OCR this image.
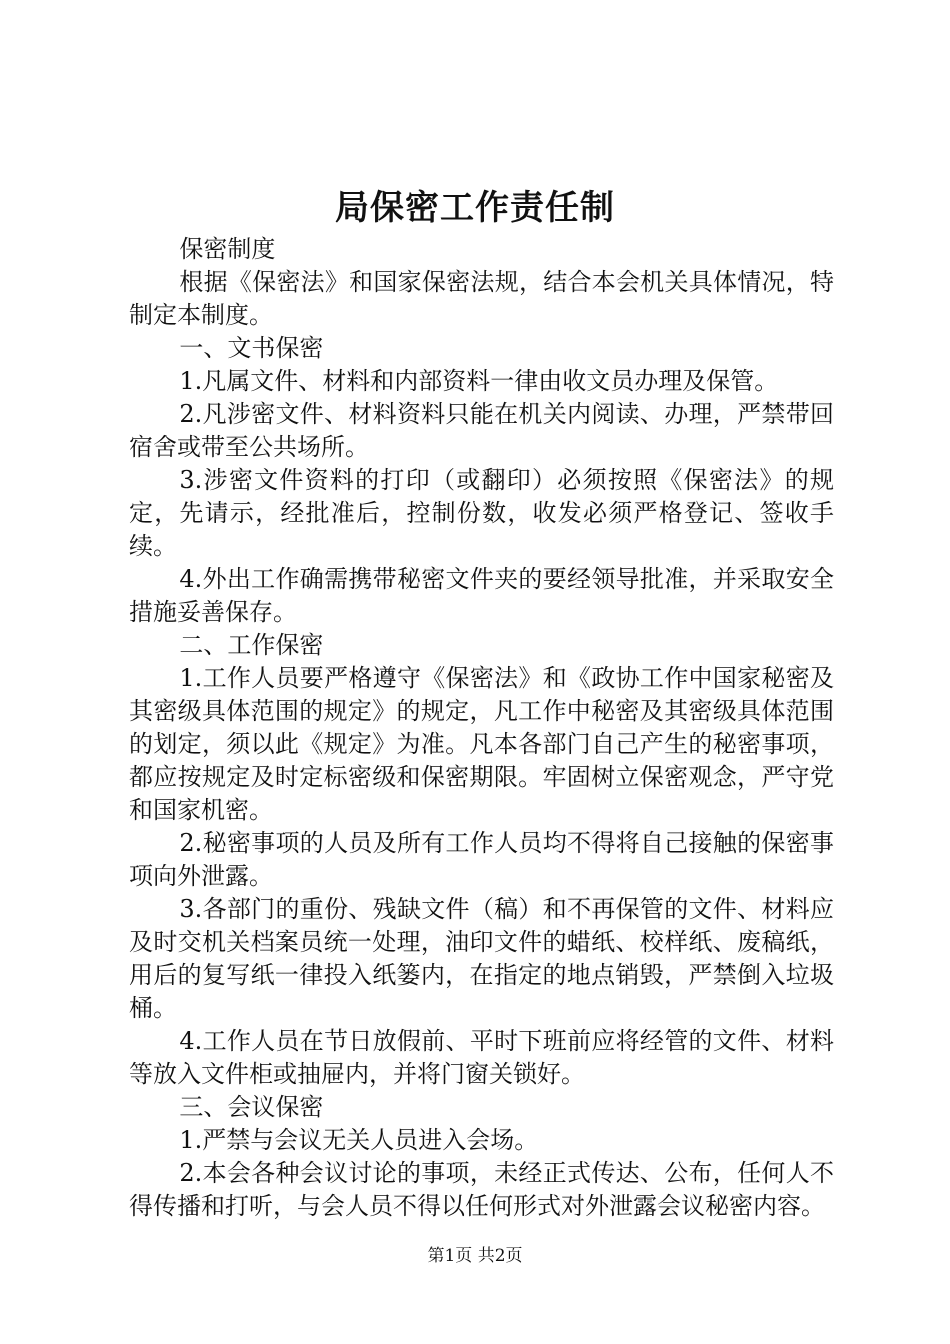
局保密工作责任制

保密制度

根据《保密法》和国家保密法规，结合本会机关具体情况，特制定本制度。

一、文书保密

1.凡属文件、材料和内部资料一律由收文员办理及保管。

2.凡涉密文件、材料资料只能在机关内阅读、办理，严禁带回宿舍或带至公共场所。

3.涉密文件资料的打印（或翻印）必须按照《保密法》的规定，先请示，经批准后，控制份数，收发必须严格登记、签收手续。

4.外出工作确需携带秘密文件夹的要经领导批准，并采取安全措施妥善保存。

二、工作保密

1.工作人员要严格遵守《保密法》和《政协工作中国家秘密及其密级具体范围的规定》的规定，凡工作中秘密及其密级具体范围的划定，须以此《规定》为准。凡本各部门自己产生的秘密事项，都应按规定及时定标密级和保密期限。牢固树立保密观念，严守党和国家机密。

2.秘密事项的人员及所有工作人员均不得将自己接触的保密事项向外泄露。

3.各部门的重份、残缺文件（稿）和不再保管的文件、材料应及时交机关档案员统一处理，油印文件的蜡纸、校样纸、废稿纸，用后的复写纸一律投入纸篓内，在指定的地点销毁，严禁倒入垃圾桶。

4.工作人员在节日放假前、平时下班前应将经管的文件、材料等放入文件柜或抽屉内，并将门窗关锁好。

三、会议保密

1.严禁与会议无关人员进入会场。

2.本会各种会议讨论的事项，未经正式传达、公布，任何人不得传播和打听，与会人员不得以任何形式对外泄露会议秘密内容。

第1页 共2页
